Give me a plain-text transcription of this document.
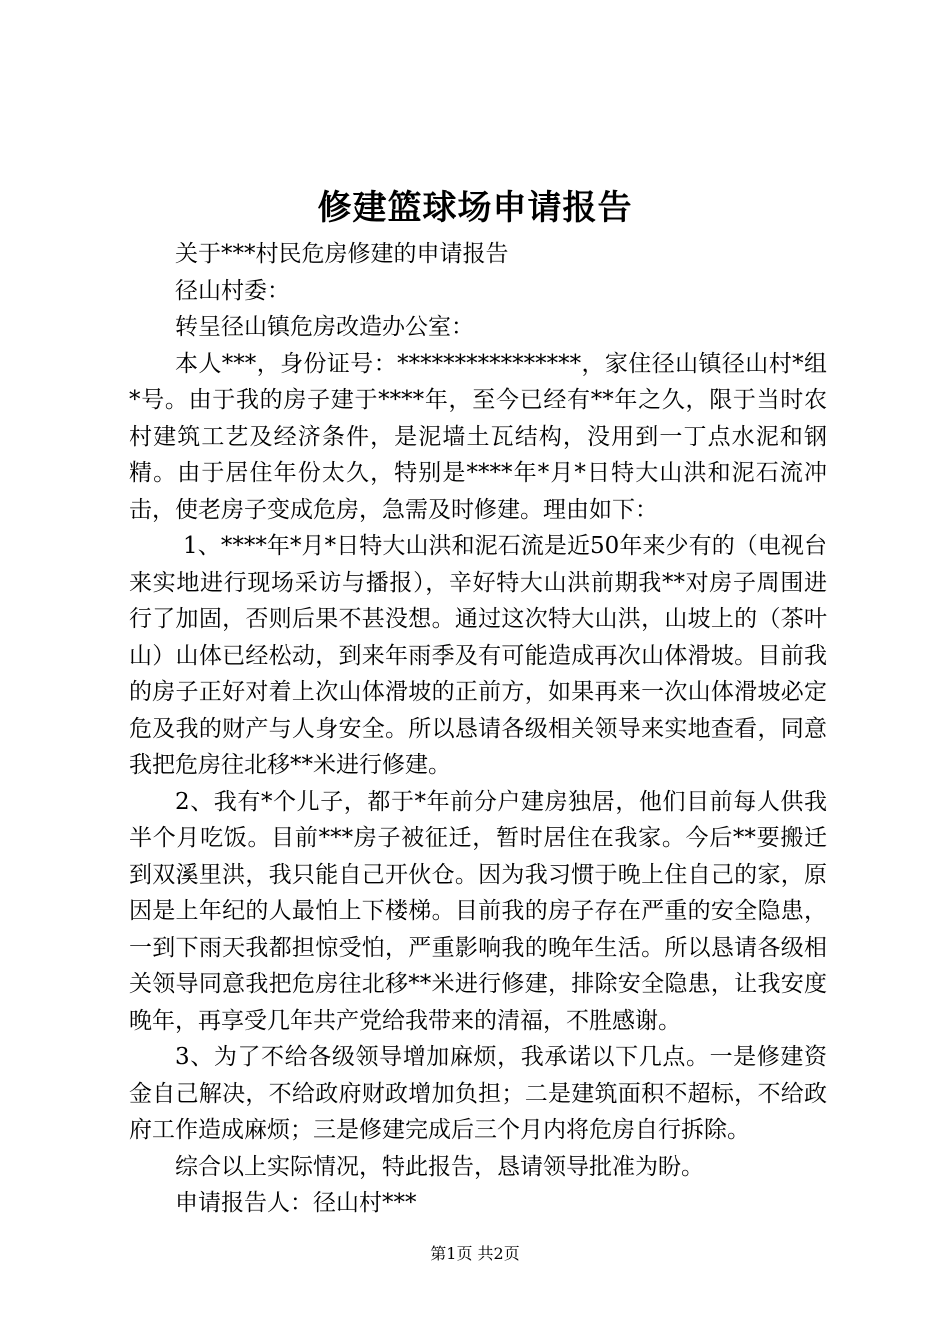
修建篮球场申请报告

关于***村民危房修建的申请报告

径山村委：

转呈径山镇危房改造办公室：

本人***，身份证号：****************，家住径山镇径山村*组*号。由于我的房子建于****年，至今已经有**年之久，限于当时农村建筑工艺及经济条件，是泥墙土瓦结构，没用到一丁点水泥和钢精。由于居住年份太久，特别是****年*月*日特大山洪和泥石流冲击，使老房子变成危房，急需及时修建。理由如下：

1、****年*月*日特大山洪和泥石流是近50年来少有的（电视台来实地进行现场采访与播报），辛好特大山洪前期我**对房子周围进行了加固，否则后果不甚没想。通过这次特大山洪，山坡上的（茶叶山）山体已经松动，到来年雨季及有可能造成再次山体滑坡。目前我的房子正好对着上次山体滑坡的正前方，如果再来一次山体滑坡必定危及我的财产与人身安全。所以恳请各级相关领导来实地查看，同意我把危房往北移**米进行修建。

2、我有*个儿子，都于*年前分户建房独居，他们目前每人供我半个月吃饭。目前***房子被征迁，暂时居住在我家。今后**要搬迁到双溪里洪，我只能自己开伙仓。因为我习惯于晚上住自己的家，原因是上年纪的人最怕上下楼梯。目前我的房子存在严重的安全隐患，一到下雨天我都担惊受怕，严重影响我的晚年生活。所以恳请各级相关领导同意我把危房往北移**米进行修建，排除安全隐患，让我安度晚年，再享受几年共产党给我带来的清福，不胜感谢。

3、为了不给各级领导增加麻烦，我承诺以下几点。一是修建资金自己解决，不给政府财政增加负担；二是建筑面积不超标，不给政府工作造成麻烦；三是修建完成后三个月内将危房自行拆除。

综合以上实际情况，特此报告，恳请领导批准为盼。

申请报告人：径山村***

第1页 共2页
